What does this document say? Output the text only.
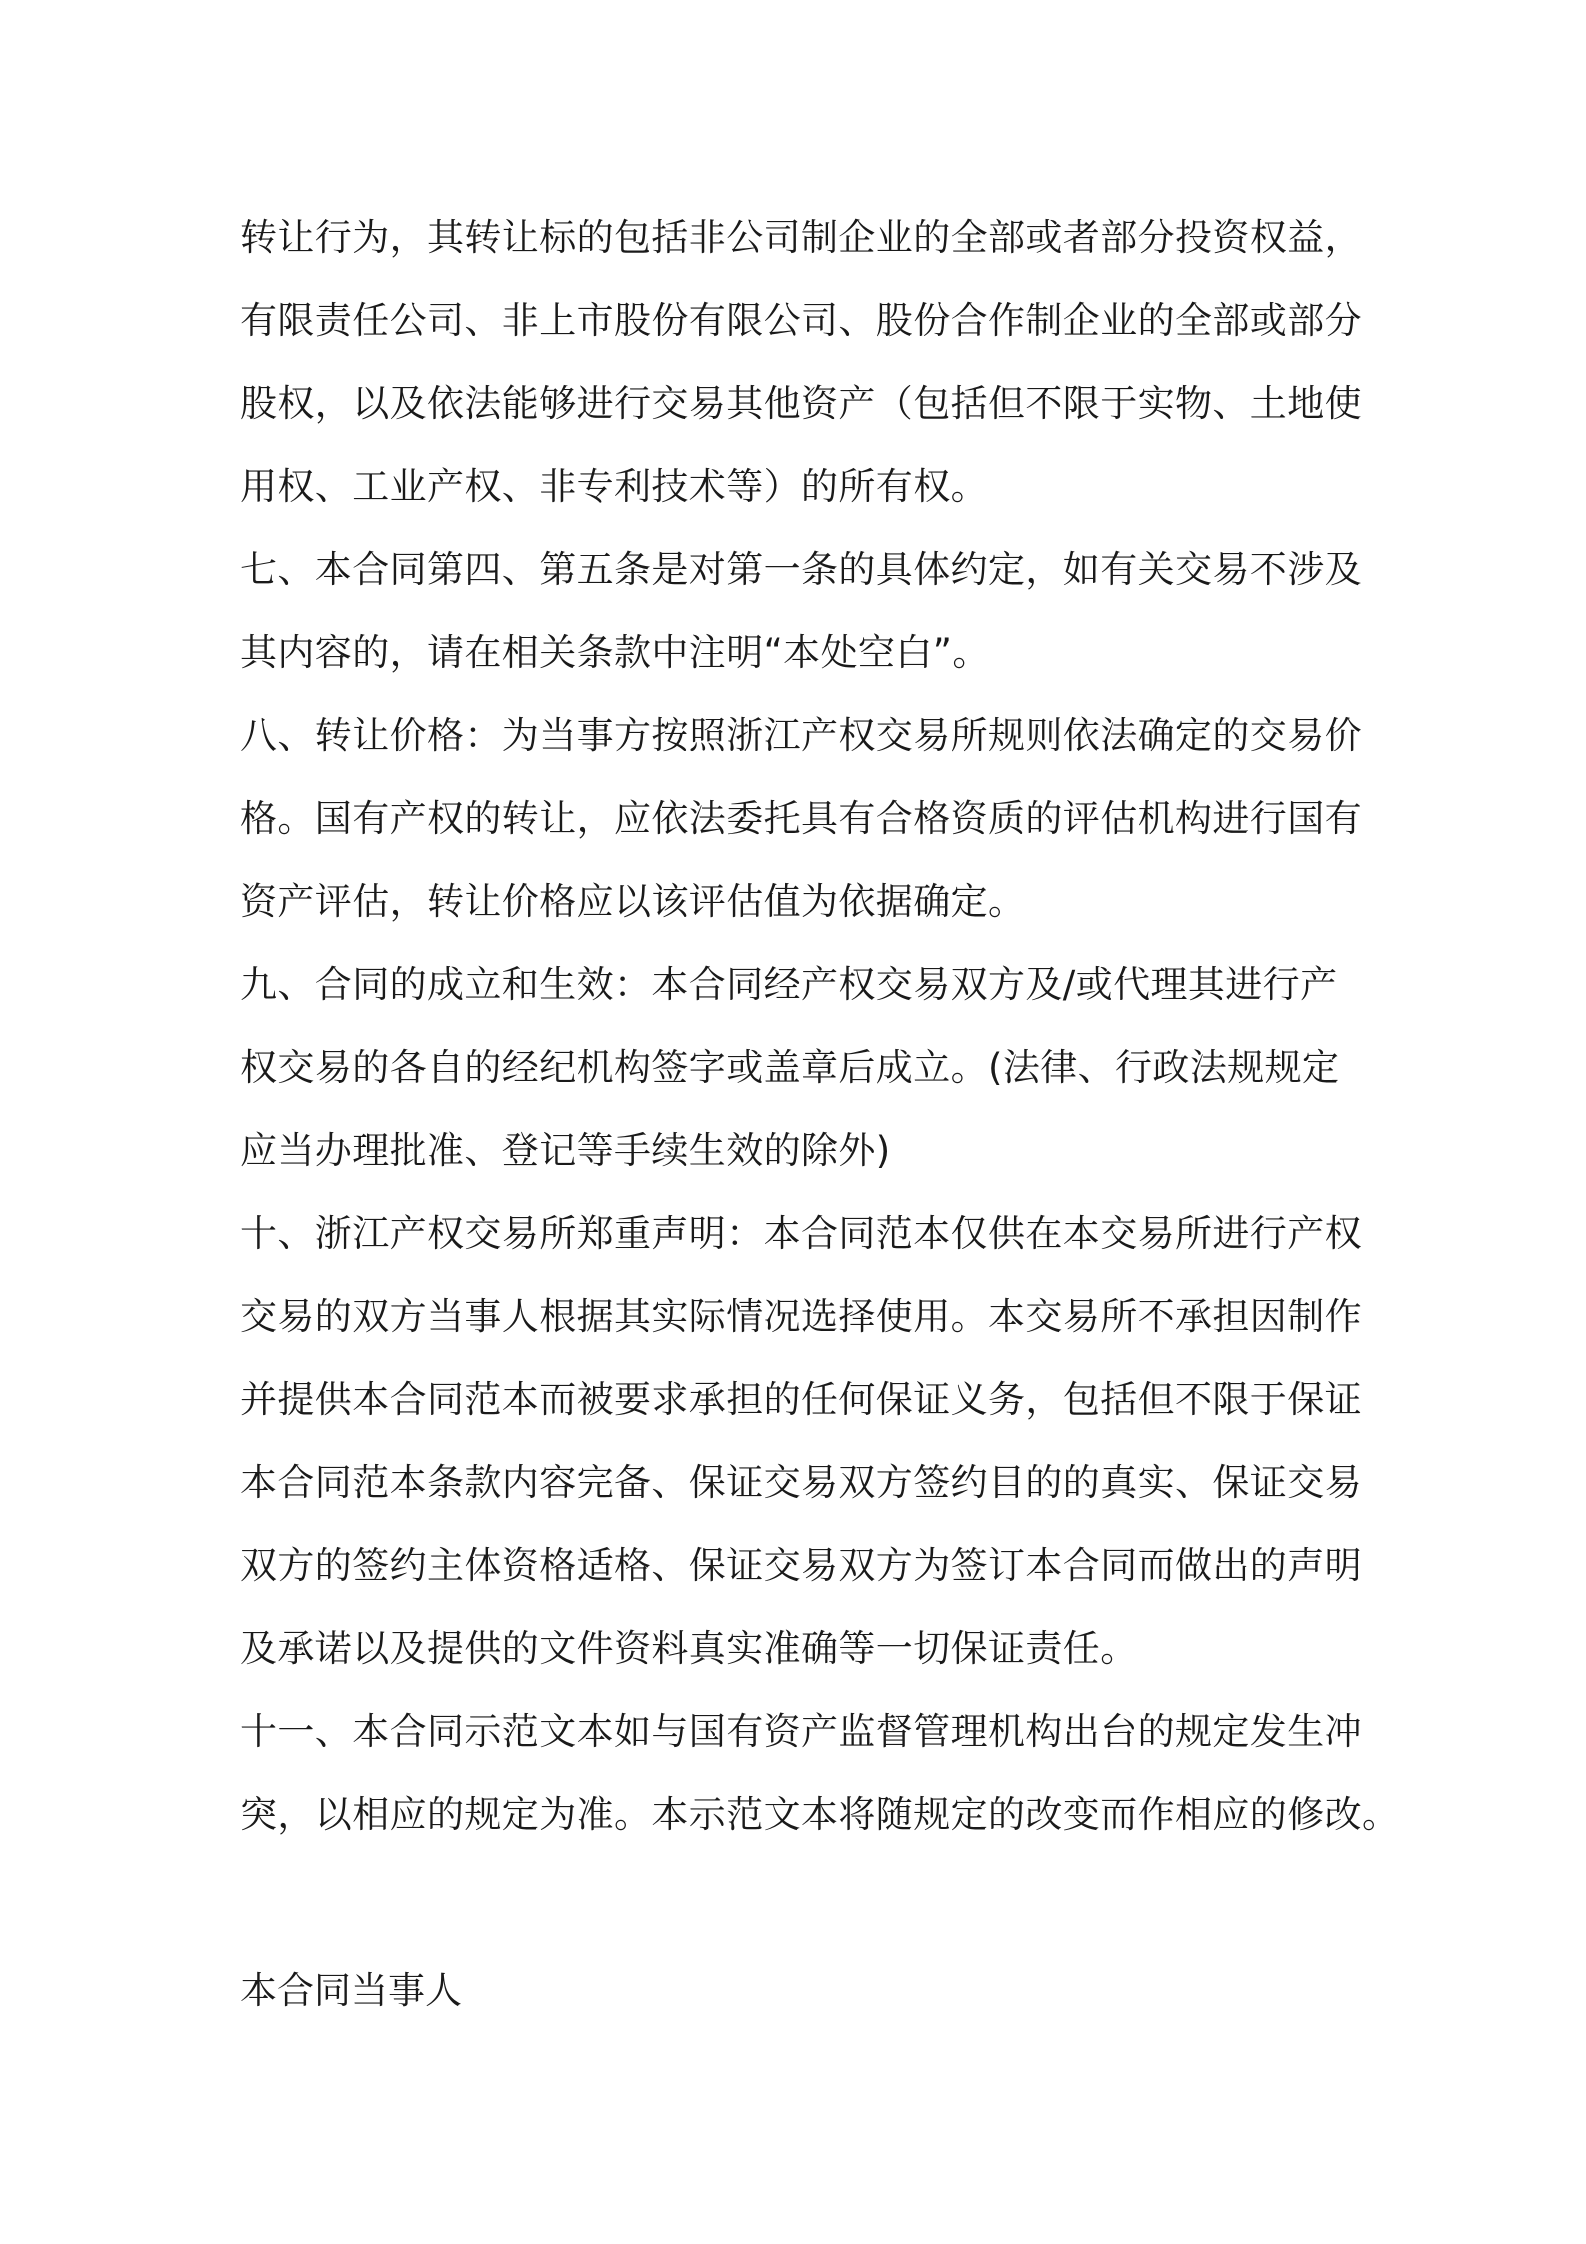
转让行为，其转让标的包括非公司制企业的全部或者部分投资权益，
有限责任公司、非上市股份有限公司、股份合作制企业的全部或部分
股权，以及依法能够进行交易其他资产（包括但不限于实物、土地使
用权、工业产权、非专利技术等）的所有权。
七、本合同第四、第五条是对第一条的具体约定，如有关交易不涉及
其内容的，请在相关条款中注明“本处空白”。
八、转让价格：为当事方按照浙江产权交易所规则依法确定的交易价
格。国有产权的转让，应依法委托具有合格资质的评估机构进行国有
资产评估，转让价格应以该评估值为依据确定。
九、合同的成立和生效：本合同经产权交易双方及/或代理其进行产
权交易的各自的经纪机构签字或盖章后成立。(法律、行政法规规定
应当办理批准、登记等手续生效的除外)
十、浙江产权交易所郑重声明：本合同范本仅供在本交易所进行产权
交易的双方当事人根据其实际情况选择使用。本交易所不承担因制作
并提供本合同范本而被要求承担的任何保证义务，包括但不限于保证
本合同范本条款内容完备、保证交易双方签约目的的真实、保证交易
双方的签约主体资格适格、保证交易双方为签订本合同而做出的声明
及承诺以及提供的文件资料真实准确等一切保证责任。
十一、本合同示范文本如与国有资产监督管理机构出台的规定发生冲
突，以相应的规定为准。本示范文本将随规定的改变而作相应的修改。
本合同当事人
